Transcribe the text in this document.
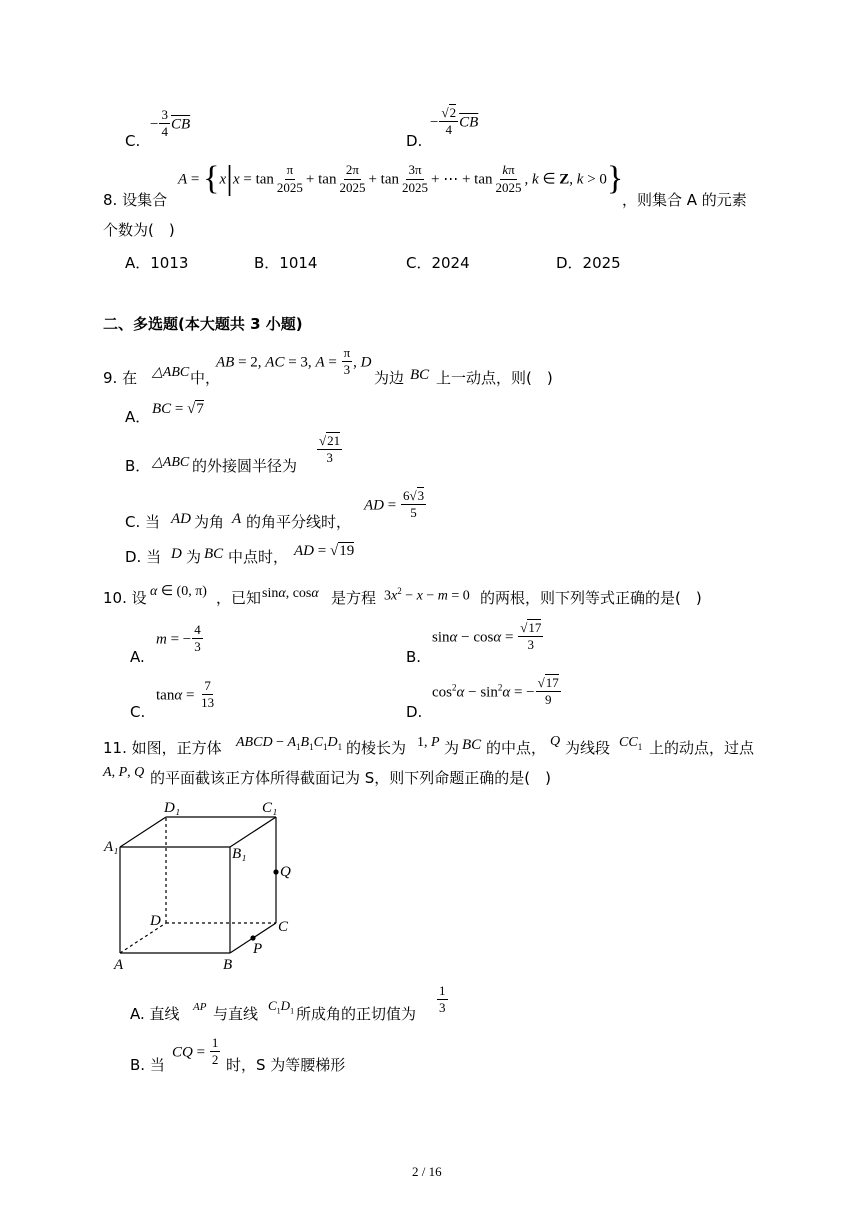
C.
− $\frac{3}{4} \overline{CB}$
D.
− $\frac{√2}{4} \overline{CB}$
8. 设集合
$A = \{x|x = \tan \frac{\pi}{2025} + \tan \frac{2\pi}{2025} + \tan \frac{3\pi}{2025}$ + ⋯ + $\tan \frac{k\pi}{2025}$ , k ∈ Z, k > 0}
，则集合 A 的元素
个数为(　)
A．1013	B．1014	C．2024	D．2025
二、多选题(本大题共 3 小题)
9. 在 △ABC 中，
AB = 2, AC = 3, $A = \frac{\pi}{3}$ , D
为边 BC 上一动点，则(　)
A． BC = √7
B． △ABC 的外接圆半径为
$\frac{√21}{3}$
C. 当 AD 为角 A 的角平分线时，
AD = $\frac{6√3}{5}$
D. 当 D 为 BC 中点时， AD = √19
10. 设 α ∈ (0, π) ，已知 sinα, cosα 是方程 $3x^2 - x - m = 0$ 的两根，则下列等式正确的是(　)
A.
m = − $\frac{4}{3}$
B.
$\sin\alpha - \cos\alpha = \frac{√17}{3}$
C.
$\tan\alpha = \frac{7}{13}$
D.
$\cos^2\alpha - \sin^2\alpha$ = − $\frac{√17}{9}$
11. 如图，正方体 ABCD − $A_1B_1C_1D_1$ 的棱长为 1, P 为 BC 的中点， Q 为线段 $CC_1$ 上的动点，过点
A, P, Q 的平面截该正方体所得截面记为 S，则下列命题正确的是(　)
D₁	C₁
A₁	B₁
Q
D	C
P
A	B
A. 直线 AP 与直线 $C_1D_1$ 所成角的正切值为 $\frac{1}{3}$
B. 当
CQ = $\frac{1}{2}$ 时，S 为等腰梯形
2 / 16
